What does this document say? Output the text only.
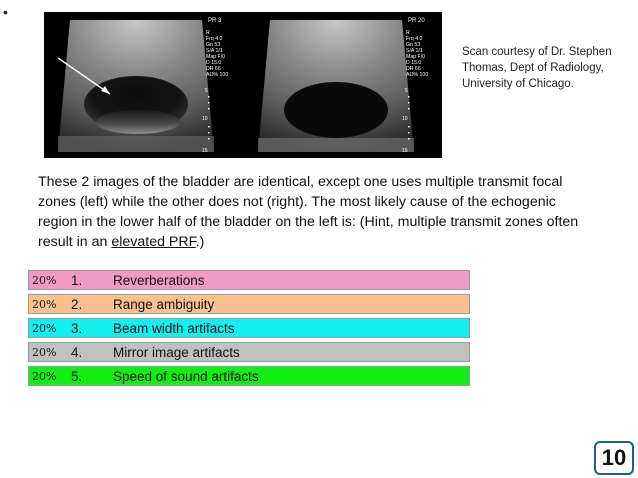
•
PR 3
R
Frq 4.0
Gn 53
S/A 1/1
Map F/0
D 15.0
DR 66
AO% 100
5
10
15
PR 20
R
Frq 4.0
Gn 53
S/A 1/1
Map F/0
D 15.0
DR 66
AO% 100
5
10
15
Scan courtesy of Dr. Stephen Thomas, Dept of Radiology, University of Chicago.
These 2 images of the bladder are identical, except one uses multiple transmit focal zones (left) while the other does not (right). The most likely cause of the echogenic region in the lower half of the bladder on the left is: (Hint, multiple transmit zones often result in an elevated PRF.)
20% 1. Reverberations
20% 2. Range ambiguity
20% 3. Beam width artifacts
20% 4. Mirror image artifacts
20% 5. Speed of sound artifacts
10
